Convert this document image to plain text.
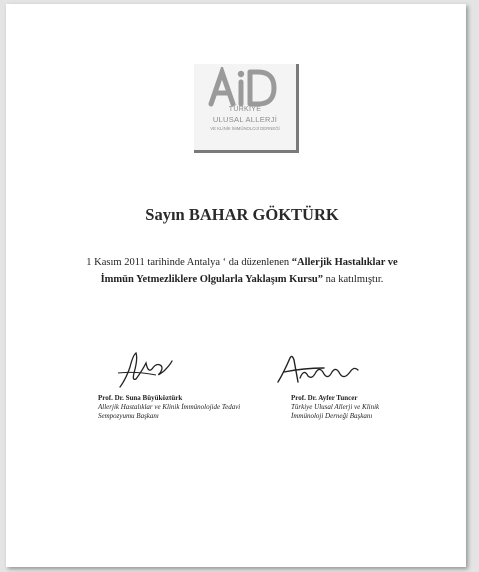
TÜRKİYE
ULUSAL ALLERJİ
VE KLİNİK İMMÜNOLOJİ DERNEĞİ
Sayın BAHAR GÖKTÜRK
1 Kasım 2011 tarihinde Antalya ‘ da düzenlenen “Allerjik Hastalıklar ve İmmün Yetmezliklere Olgularla Yaklaşım Kursu” na katılmıştır.
Prof. Dr. Suna Büyüköztürk
Allerjik Hastalıklar ve Klinik İmmünolojide Tedavi
Sempozyumu Başkanı
Prof. Dr. Ayfer Tuncer
Türkiye Ulusal Allerji ve Klinik
İmmünoloji Derneği Başkanı
